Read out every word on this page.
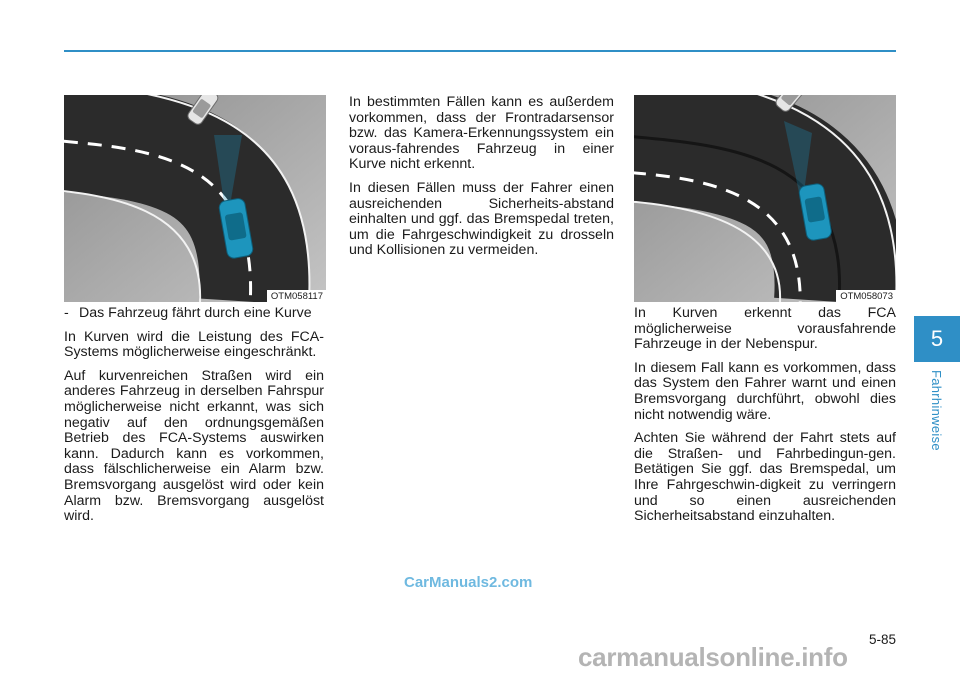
OTM058117	OTM058073
- Das Fahrzeug fährt durch eine Kurve

In Kurven wird die Leistung des FCA-Systems möglicherweise eingeschränkt.

Auf kurvenreichen Straßen wird ein anderes Fahrzeug in derselben Fahrspur möglicherweise nicht erkannt, was sich negativ auf den ordnungsgemäßen Betrieb des FCA-Systems auswirken kann. Dadurch kann es vorkommen, dass fälschlicherweise ein Alarm bzw. Bremsvorgang ausgelöst wird oder kein Alarm bzw. Bremsvorgang ausgelöst wird.

In bestimmten Fällen kann es außerdem vorkommen, dass der Frontradarsensor bzw. das Kamera-Erkennungssystem ein voraus-fahrendes Fahrzeug in einer Kurve nicht erkennt.

In diesen Fällen muss der Fahrer einen ausreichenden Sicherheits-abstand einhalten und ggf. das Bremspedal treten, um die Fahrgeschwindigkeit zu drosseln und Kollisionen zu vermeiden.

In Kurven erkennt das FCA möglicherweise vorausfahrende Fahrzeuge in der Nebenspur.

In diesem Fall kann es vorkommen, dass das System den Fahrer warnt und einen Bremsvorgang durchführt, obwohl dies nicht notwendig wäre.

Achten Sie während der Fahrt stets auf die Straßen- und Fahrbedingun-gen. Betätigen Sie ggf. das Bremspedal, um Ihre Fahrgeschwin-digkeit zu verringern und so einen ausreichenden Sicherheitsabstand einzuhalten.

5
Fahrhinweise
CarManuals2.com
5-85
carmanualsonline.info
